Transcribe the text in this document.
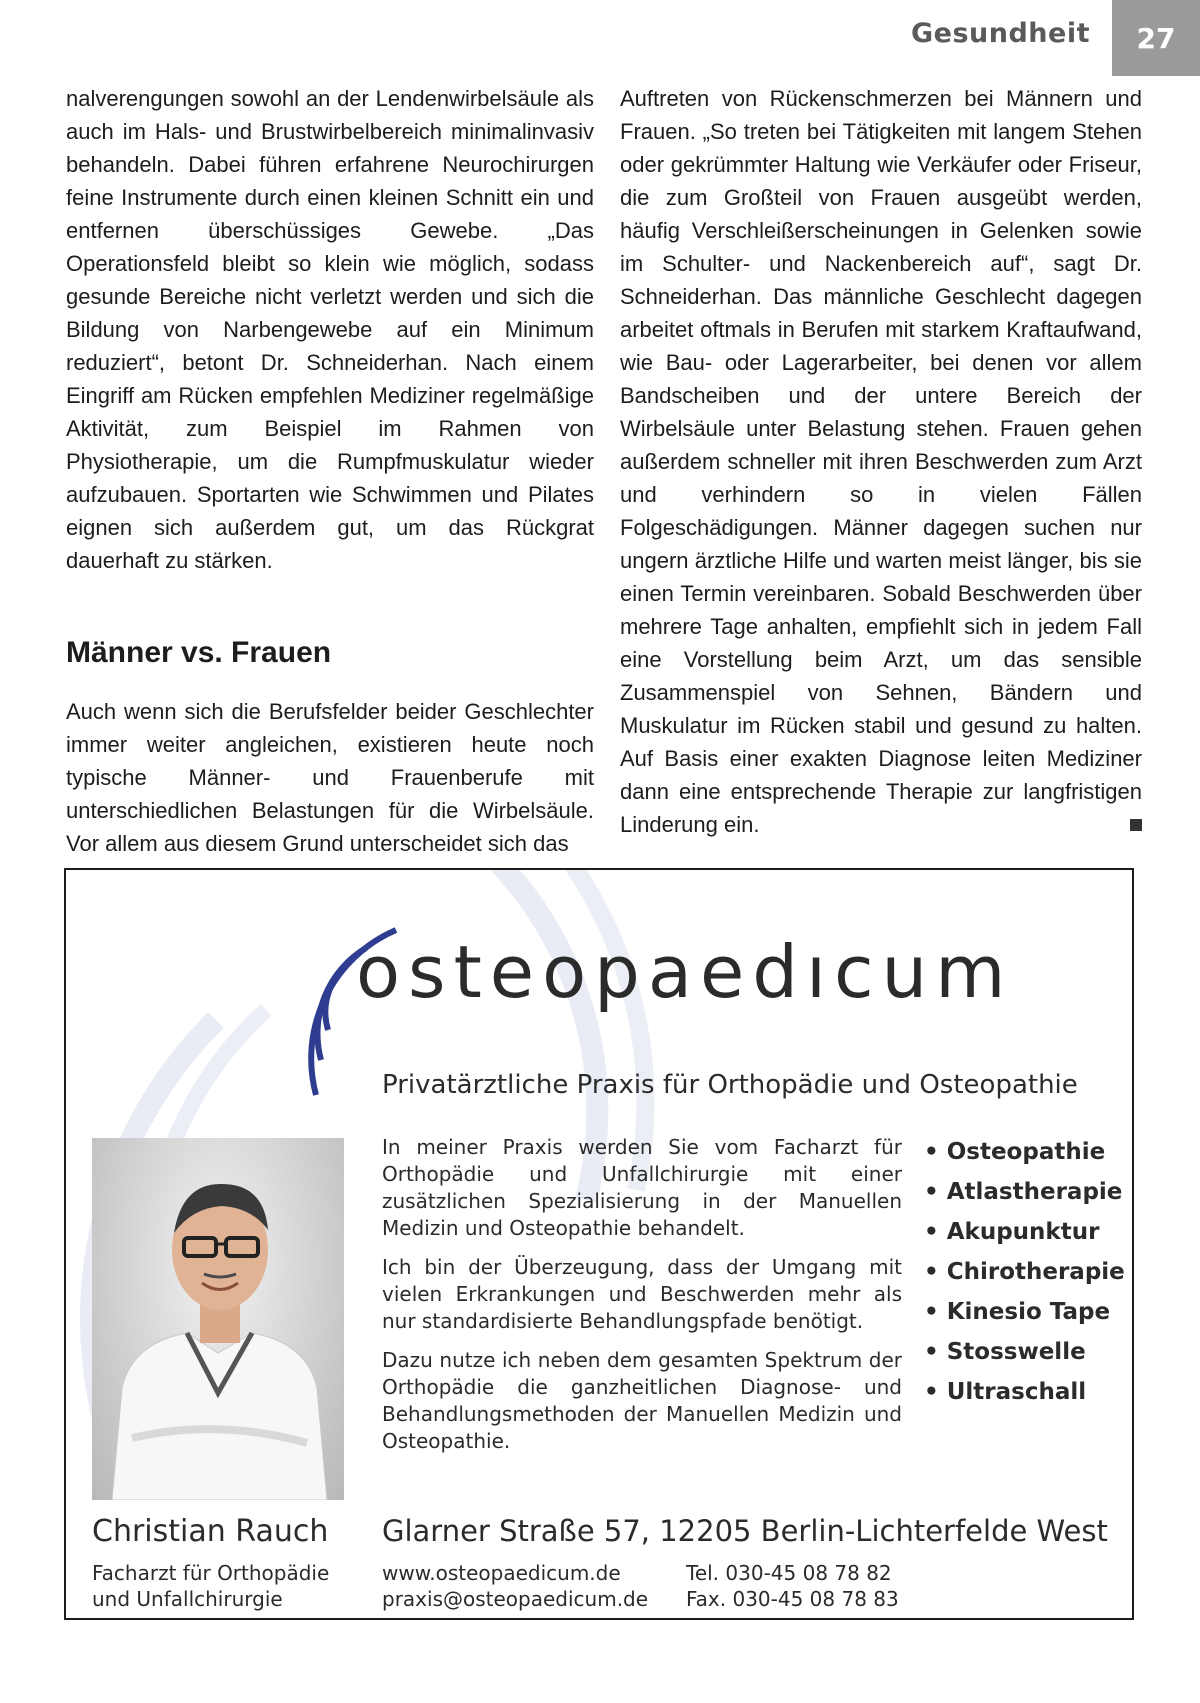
Gesundheit	27

nalverengungen sowohl an der Lendenwirbelsäule als auch im Hals- und Brustwirbelbereich minimalinvasiv behandeln. Dabei führen erfahrene Neurochirurgen feine Instrumente durch einen kleinen Schnitt ein und entfernen überschüssiges Gewebe. „Das Operationsfeld bleibt so klein wie möglich, sodass gesunde Bereiche nicht verletzt werden und sich die Bildung von Narbengewebe auf ein Minimum reduziert“, betont Dr. Schneiderhan. Nach einem Eingriff am Rücken empfehlen Mediziner regelmäßige Aktivität, zum Beispiel im Rahmen von Physiotherapie, um die Rumpfmuskulatur wieder aufzubauen. Sportarten wie Schwimmen und Pilates eignen sich außerdem gut, um das Rückgrat dauerhaft zu stärken.

Männer vs. Frauen

Auch wenn sich die Berufsfelder beider Geschlechter immer weiter angleichen, existieren heute noch typische Männer- und Frauenberufe mit unterschiedlichen Belastungen für die Wirbelsäule. Vor allem aus diesem Grund unterscheidet sich das

Auftreten von Rückenschmerzen bei Männern und Frauen. „So treten bei Tätigkeiten mit langem Stehen oder gekrümmter Haltung wie Verkäufer oder Friseur, die zum Großteil von Frauen ausgeübt werden, häufig Verschleißerscheinungen in Gelenken sowie im Schulter- und Nackenbereich auf“, sagt Dr. Schneiderhan. Das männliche Geschlecht dagegen arbeitet oftmals in Berufen mit starkem Kraftaufwand, wie Bau- oder Lagerarbeiter, bei denen vor allem Bandscheiben und der untere Bereich der Wirbelsäule unter Belastung stehen. Frauen gehen außerdem schneller mit ihren Beschwerden zum Arzt und verhindern so in vielen Fällen Folgeschädigungen. Männer dagegen suchen nur ungern ärztliche Hilfe und warten meist länger, bis sie einen Termin vereinbaren. Sobald Beschwerden über mehrere Tage anhalten, empfiehlt sich in jedem Fall eine Vorstellung beim Arzt, um das sensible Zusammenspiel von Sehnen, Bändern und Muskulatur im Rücken stabil und gesund zu halten. Auf Basis einer exakten Diagnose leiten Mediziner dann eine entsprechende Therapie zur langfristigen Linderung ein.

osteopaedıcum
Privatärztliche Praxis für Orthopädie und Osteopathie

In meiner Praxis werden Sie vom Facharzt für Orthopädie und Unfallchirurgie mit einer zusätzlichen Spezialisierung in der Manuellen Medizin und Osteopathie behandelt.

Ich bin der Überzeugung, dass der Umgang mit vielen Erkrankungen und Beschwerden mehr als nur standardisierte Behandlungspfade benötigt.

Dazu nutze ich neben dem gesamten Spektrum der Orthopädie die ganzheitlichen Diagnose- und Behandlungsmethoden der Manuellen Medizin und Osteopathie.

• Osteopathie
• Atlastherapie
• Akupunktur
• Chirotherapie
• Kinesio Tape
• Stosswelle
• Ultraschall
Christian Rauch
Facharzt für Orthopädie
und Unfallchirurgie
Glarner Straße 57, 12205 Berlin-Lichterfelde West
www.osteopaedicum.de
praxis@osteopaedicum.de
Tel. 030-45 08 78 82
Fax. 030-45 08 78 83
